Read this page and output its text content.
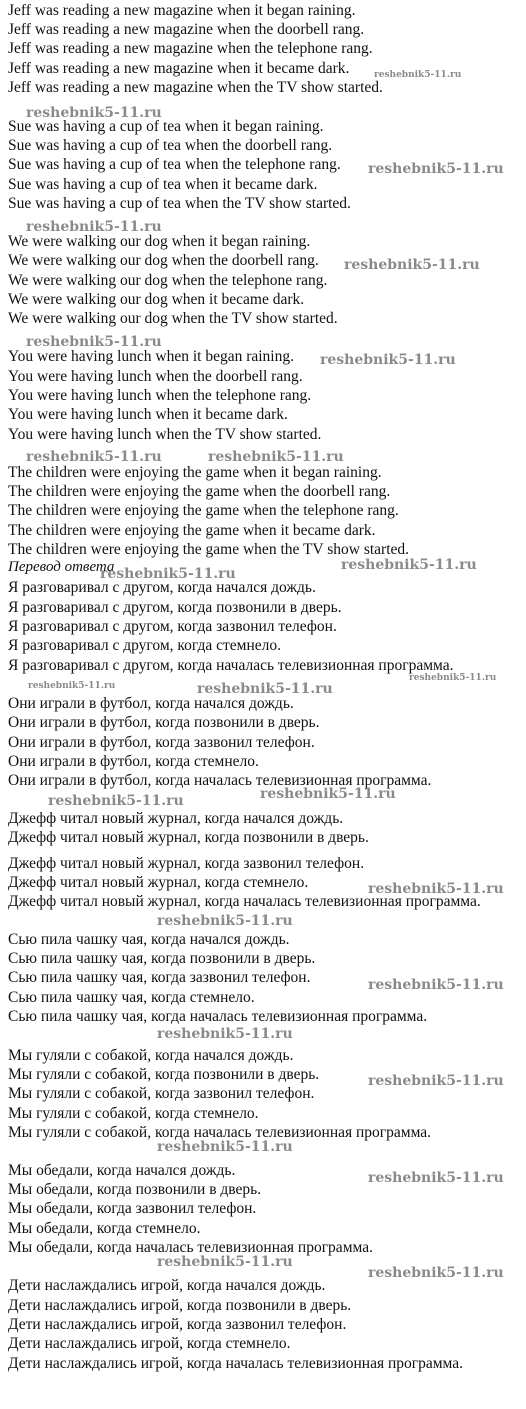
Jeff was reading a new magazine when it began raining.
Jeff was reading a new magazine when the doorbell rang.
Jeff was reading a new magazine when the telephone rang.
Jeff was reading a new magazine when it became dark.
Jeff was reading a new magazine when the TV show started.
reshebnik5-11.ru
reshebnik5-11.ru
Sue was having a cup of tea when it began raining.
Sue was having a cup of tea when the doorbell rang.
Sue was having a cup of tea when the telephone rang.
Sue was having a cup of tea when it became dark.
Sue was having a cup of tea when the TV show started.
reshebnik5-11.ru
reshebnik5-11.ru
We were walking our dog when it began raining.
We were walking our dog when the doorbell rang.
We were walking our dog when the telephone rang.
We were walking our dog when it became dark.
We were walking our dog when the TV show started.
reshebnik5-11.ru
reshebnik5-11.ru
You were having lunch when it began raining.
You were having lunch when the doorbell rang.
You were having lunch when the telephone rang.
You were having lunch when it became dark.
You were having lunch when the TV show started.
reshebnik5-11.ru
reshebnik5-11.ru	reshebnik5-11.ru
The children were enjoying the game when it began raining.
The children were enjoying the game when the doorbell rang.
The children were enjoying the game when the telephone rang.
The children were enjoying the game when it became dark.
The children were enjoying the game when the TV show started.
Перевод ответа
reshebnik5-11.ru
reshebnik5-11.ru
Я разговаривал с другом, когда начался дождь.
Я разговаривал с другом, когда позвонили в дверь.
Я разговаривал с другом, когда зазвонил телефон.
Я разговаривал с другом, когда стемнело.
Я разговаривал с другом, когда началась телевизионная программа.
reshebnik5-11.ru
reshebnik5-11.ru	reshebnik5-11.ru
Они играли в футбол, когда начался дождь.
Они играли в футбол, когда позвонили в дверь.
Они играли в футбол, когда зазвонил телефон.
Они играли в футбол, когда стемнело.
Они играли в футбол, когда началась телевизионная программа.
reshebnik5-11.ru
reshebnik5-11.ru
Джефф читал новый журнал, когда начался дождь.
Джефф читал новый журнал, когда позвонили в дверь.
Джефф читал новый журнал, когда зазвонил телефон.
Джефф читал новый журнал, когда стемнело.
Джефф читал новый журнал, когда началась телевизионная программа.
reshebnik5-11.ru
reshebnik5-11.ru
Сью пила чашку чая, когда начался дождь.
Сью пила чашку чая, когда позвонили в дверь.
Сью пила чашку чая, когда зазвонил телефон.
Сью пила чашку чая, когда стемнело.
Сью пила чашку чая, когда началась телевизионная программа.
reshebnik5-11.ru
reshebnik5-11.ru
Мы гуляли с собакой, когда начался дождь.
Мы гуляли с собакой, когда позвонили в дверь.
Мы гуляли с собакой, когда зазвонил телефон.
Мы гуляли с собакой, когда стемнело.
Мы гуляли с собакой, когда началась телевизионная программа.
reshebnik5-11.ru
reshebnik5-11.ru
Мы обедали, когда начался дождь.
Мы обедали, когда позвонили в дверь.
Мы обедали, когда зазвонил телефон.
Мы обедали, когда стемнело.
Мы обедали, когда началась телевизионная программа.
reshebnik5-11.ru
reshebnik5-11.ru
reshebnik5-11.ru
Дети наслаждались игрой, когда начался дождь.
Дети наслаждались игрой, когда позвонили в дверь.
Дети наслаждались игрой, когда зазвонил телефон.
Дети наслаждались игрой, когда стемнело.
Дети наслаждались игрой, когда началась телевизионная программа.
